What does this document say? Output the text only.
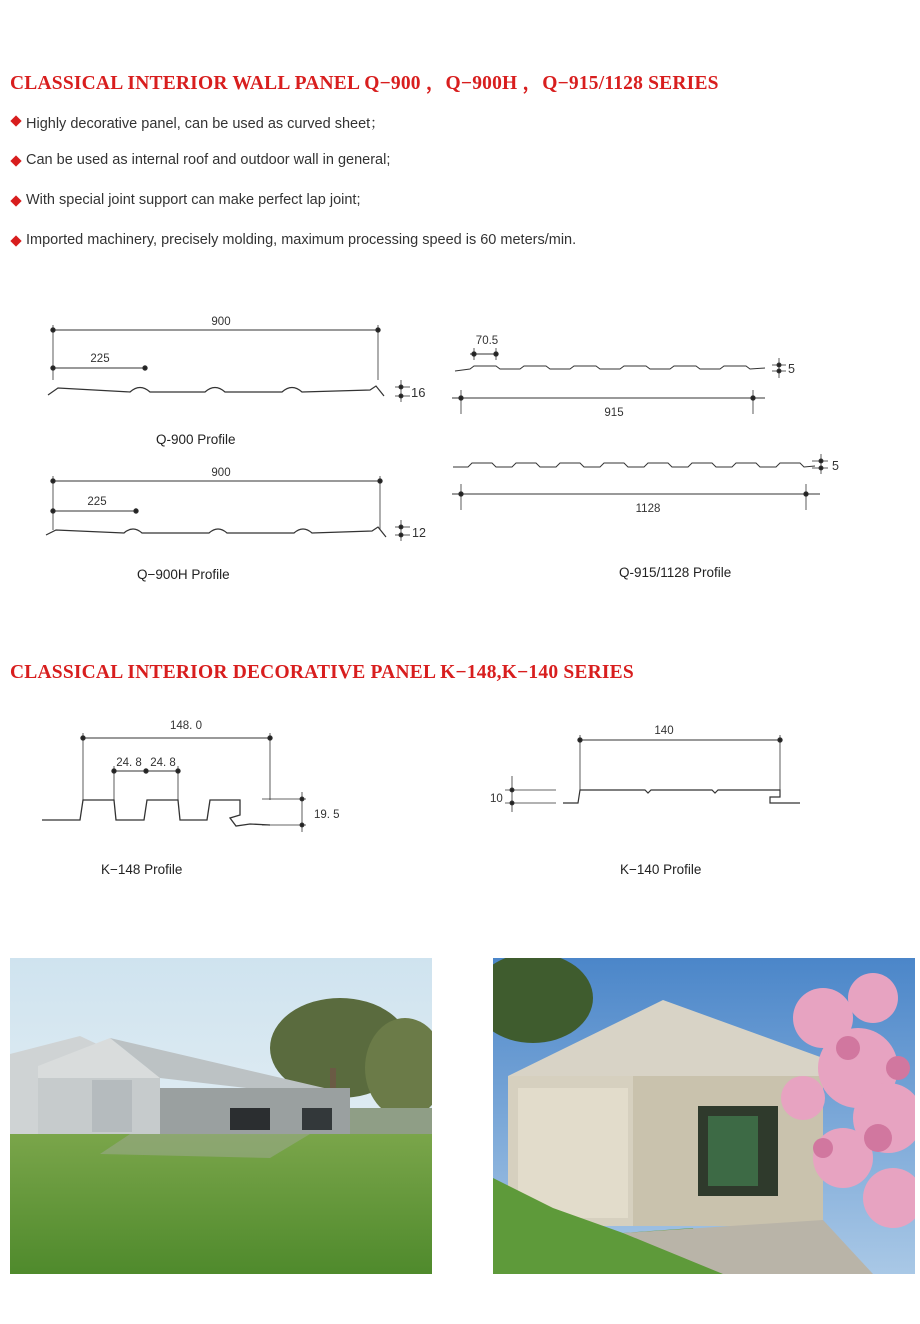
CLASSICAL INTERIOR WALL PANEL Q−900 ，Q−900H ，Q−915/1128 SERIES
Highly decorative panel, can be used as curved sheet；
Can be used as internal roof and outdoor wall in general;
With special joint support can make perfect lap joint;
Imported machinery, precisely molding, maximum processing speed is 60 meters/min.
900
225
16
900
225
12
70.5
5
915
5
1128
148. 0
24. 8 24. 8
19. 5
140
10
Q-900 Profile
Q−900H Profile	Q-915/1128 Profile
CLASSICAL INTERIOR DECORATIVE PANEL K−148,K−140 SERIES
K−148 Profile	K−140 Profile
